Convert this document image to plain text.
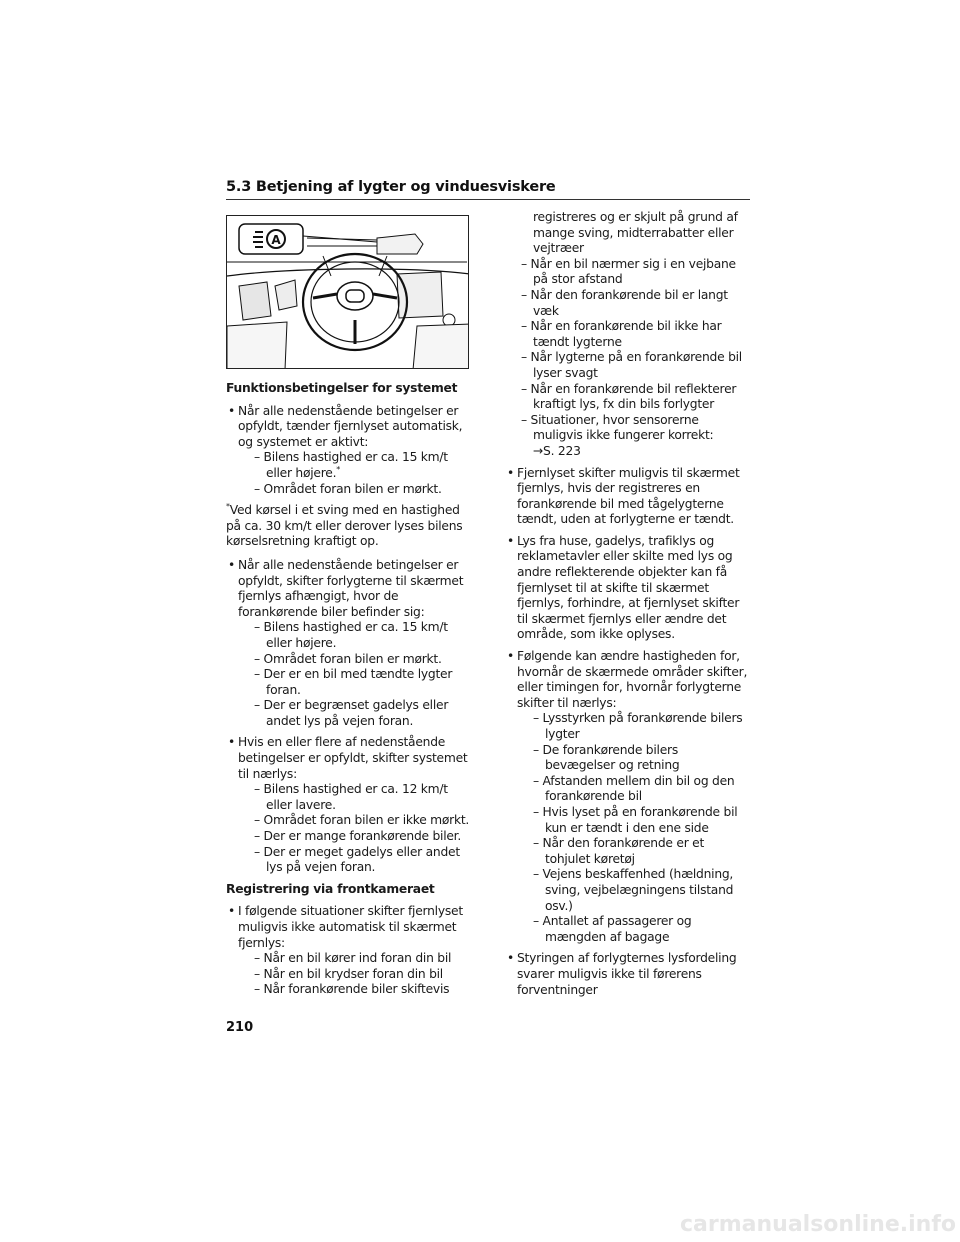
5.3 Betjening af lygter og vinduesviskere
A
Funktionsbetingelser for systemet
• Når alle nedenstående betingelser er opfyldt, tænder fjernlyset automatisk, og systemet er aktivt:
– Bilens hastighed er ca. 15 km/t eller højere.*
– Området foran bilen er mørkt.
*Ved kørsel i et sving med en hastighed på ca. 30 km/t eller derover lyses bilens kørselsretning kraftigt op.
• Når alle nedenstående betingelser er opfyldt, skifter forlygterne til skærmet fjernlys afhængigt, hvor de forankørende biler befinder sig:
– Bilens hastighed er ca. 15 km/t eller højere.
– Området foran bilen er mørkt.
– Der er en bil med tændte lygter foran.
– Der er begrænset gadelys eller andet lys på vejen foran.
• Hvis en eller flere af nedenstående betingelser er opfyldt, skifter systemet til nærlys:
– Bilens hastighed er ca. 12 km/t eller lavere.
– Området foran bilen er ikke mørkt.
– Der er mange forankørende biler.
– Der er meget gadelys eller andet lys på vejen foran.
Registrering via frontkameraet
• I følgende situationer skifter fjernlyset muligvis ikke automatisk til skærmet fjernlys:
– Når en bil kører ind foran din bil
– Når en bil krydser foran din bil
– Når forankørende biler skiftevis
registreres og er skjult på grund af mange sving, midterrabatter eller vejtræer
– Når en bil nærmer sig i en vejbane på stor afstand
– Når den forankørende bil er langt væk
– Når en forankørende bil ikke har tændt lygterne
– Når lygterne på en forankørende bil lyser svagt
– Når en forankørende bil reflekterer kraftigt lys, fx din bils forlygter
– Situationer, hvor sensorerne muligvis ikke fungerer korrekt:
→S. 223
• Fjernlyset skifter muligvis til skærmet fjernlys, hvis der registreres en forankørende bil med tågelygterne tændt, uden at forlygterne er tændt.
• Lys fra huse, gadelys, trafiklys og reklametavler eller skilte med lys og andre reflekterende objekter kan få fjernlyset til at skifte til skærmet fjernlys, forhindre, at fjernlyset skifter til skærmet fjernlys eller ændre det område, som ikke oplyses.
• Følgende kan ændre hastigheden for, hvornår de skærmede områder skifter, eller timingen for, hvornår forlygterne skifter til nærlys:
– Lysstyrken på forankørende bilers lygter
– De forankørende bilers bevægelser og retning
– Afstanden mellem din bil og den forankørende bil
– Hvis lyset på en forankørende bil kun er tændt i den ene side
– Når den forankørende er et tohjulet køretøj
– Vejens beskaffenhed (hældning, sving, vejbelægningens tilstand osv.)
– Antallet af passagerer og mængden af bagage
• Styringen af forlygternes lysfordeling svarer muligvis ikke til førerens forventninger
210
carmanualsonline.info
